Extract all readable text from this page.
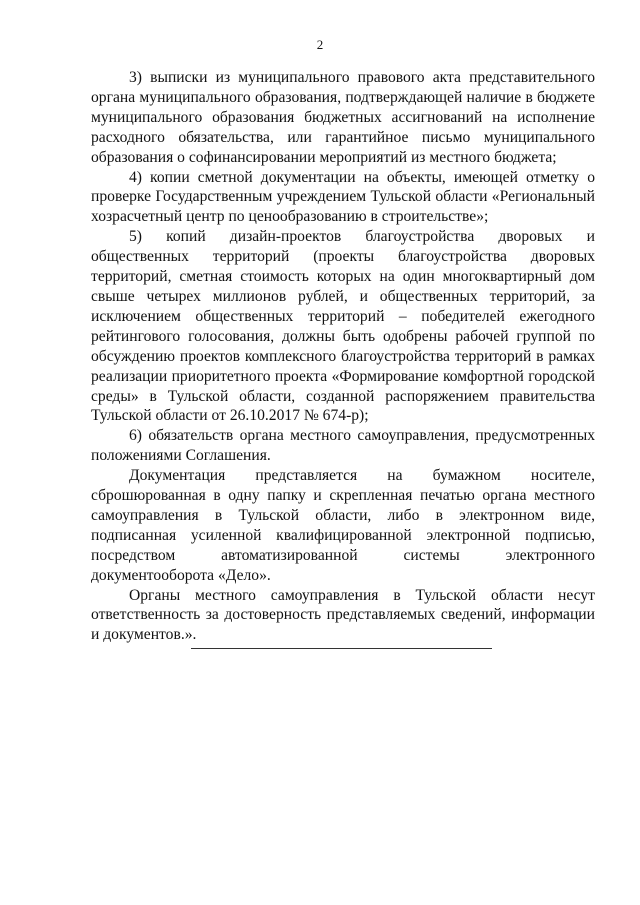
2

3) выписки из муниципального правового акта представительного органа муниципального образования, подтверждающей наличие в бюджете муниципального образования бюджетных ассигнований на исполнение расходного обязательства, или гарантийное письмо муниципального образования о софинансировании мероприятий из местного бюджета;

4) копии сметной документации на объекты, имеющей отметку о проверке Государственным учреждением Тульской области «Региональный хозрасчетный центр по ценообразованию в строительстве»;

5) копий дизайн-проектов благоустройства дворовых и общественных территорий (проекты благоустройства дворовых территорий, сметная стоимость которых на один многоквартирный дом свыше четырех миллионов рублей, и общественных территорий, за исключением общественных территорий – победителей ежегодного рейтингового голосования, должны быть одобрены рабочей группой по обсуждению проектов комплексного благоустройства территорий в рамках реализации приоритетного проекта «Формирование комфортной городской среды» в Тульской области, созданной распоряжением правительства Тульской области от 26.10.2017 № 674-р);

6) обязательств органа местного самоуправления, предусмотренных положениями Соглашения.

Документация представляется на бумажном носителе, сброшюрованная в одну папку и скрепленная печатью органа местного самоуправления в Тульской области, либо в электронном виде, подписанная усиленной квалифицированной электронной подписью, посредством автоматизированной системы электронного документооборота «Дело».

Органы местного самоуправления в Тульской области несут ответственность за достоверность представляемых сведений, информации и документов.».
